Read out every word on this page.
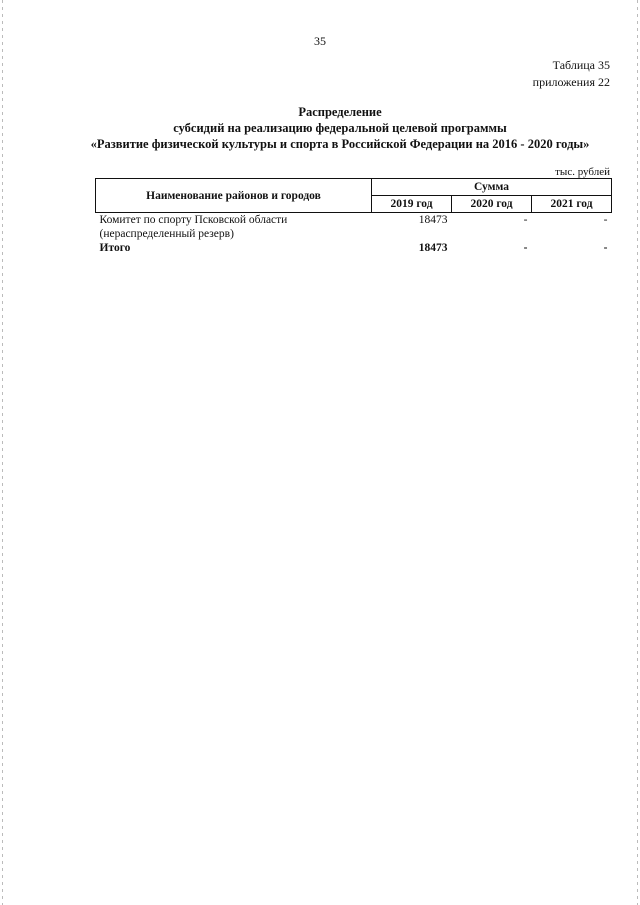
35
Таблица 35
приложения 22
Распределение
субсидий на реализацию федеральной целевой программы
«Развитие физической культуры и спорта в Российской Федерации на 2016 - 2020 годы»
тыс. рублей
Наименование районов и городов	Сумма		
	2019 год	2020 год	2021 год

Комитет по спорту Псковской области
(нераспределенный резерв)	18473	-	-
Итого	18473	-	-
